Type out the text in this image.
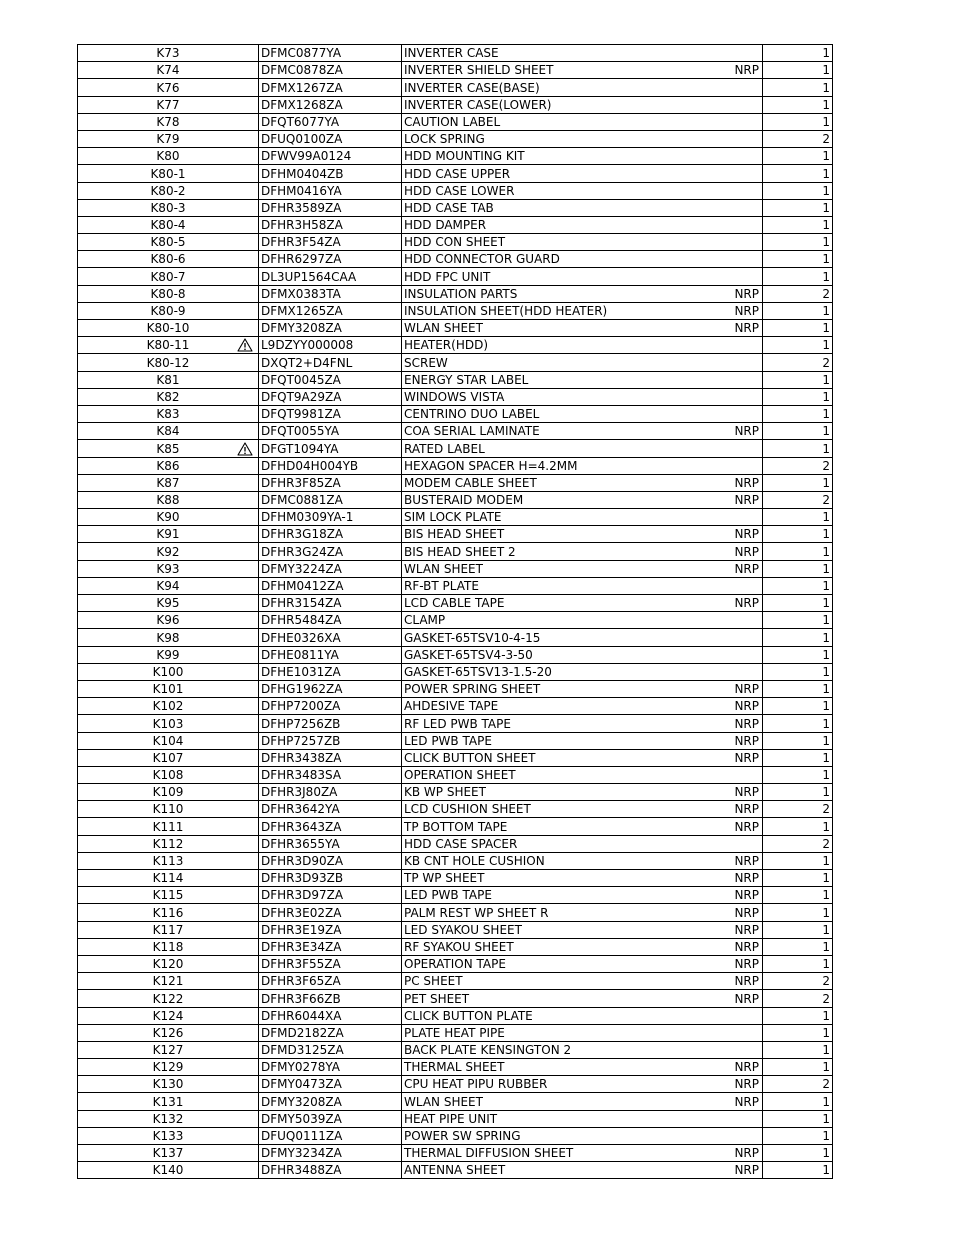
K73	DFMC0877YA	INVERTER CASE	1
K74	DFMC0878ZA	INVERTER SHIELD SHEET NRP	1
K76	DFMX1267ZA	INVERTER CASE(BASE)	1
K77	DFMX1268ZA	INVERTER CASE(LOWER)	1
K78	DFQT6077YA	CAUTION LABEL	1
K79	DFUQ0100ZA	LOCK SPRING	2
K80	DFWV99A0124	HDD MOUNTING KIT	1
K80-1	DFHM0404ZB	HDD CASE UPPER	1
K80-2	DFHM0416YA	HDD CASE LOWER	1
K80-3	DFHR3589ZA	HDD CASE TAB	1
K80-4	DFHR3H58ZA	HDD DAMPER	1
K80-5	DFHR3F54ZA	HDD CON SHEET	1
K80-6	DFHR6297ZA	HDD CONNECTOR GUARD	1
K80-7	DL3UP1564CAA	HDD FPC UNIT	1
K80-8	DFMX0383TA	INSULATION PARTS NRP	2
K80-9	DFMX1265ZA	INSULATION SHEET(HDD HEATER) NRP	1
K80-10	DFMY3208ZA	WLAN SHEET NRP	1
K80-11	L9DZYY000008	HEATER(HDD)	1
K80-12	DXQT2+D4FNL	SCREW	2
K81	DFQT0045ZA	ENERGY STAR LABEL	1
K82	DFQT9A29ZA	WINDOWS VISTA	1
K83	DFQT9981ZA	CENTRINO DUO LABEL	1
K84	DFQT0055YA	COA SERIAL LAMINATE NRP	1
K85	DFGT1094YA	RATED LABEL	1
K86	DFHD04H004YB	HEXAGON SPACER H=4.2MM	2
K87	DFHR3F85ZA	MODEM CABLE SHEET NRP	1
K88	DFMC0881ZA	BUSTERAID MODEM NRP	2
K90	DFHM0309YA-1	SIM LOCK PLATE	1
K91	DFHR3G18ZA	BIS HEAD SHEET NRP	1
K92	DFHR3G24ZA	BIS HEAD SHEET 2 NRP	1
K93	DFMY3224ZA	WLAN SHEET NRP	1
K94	DFHM0412ZA	RF-BT PLATE	1
K95	DFHR3154ZA	LCD CABLE TAPE NRP	1
K96	DFHR5484ZA	CLAMP	1
K98	DFHE0326XA	GASKET-65TSV10-4-15	1
K99	DFHE0811YA	GASKET-65TSV4-3-50	1
K100	DFHE1031ZA	GASKET-65TSV13-1.5-20	1
K101	DFHG1962ZA	POWER SPRING SHEET NRP	1
K102	DFHP7200ZA	AHDESIVE TAPE NRP	1
K103	DFHP7256ZB	RF LED PWB TAPE NRP	1
K104	DFHP7257ZB	LED PWB TAPE NRP	1
K107	DFHR3438ZA	CLICK BUTTON SHEET NRP	1
K108	DFHR3483SA	OPERATION SHEET	1
K109	DFHR3J80ZA	KB WP SHEET NRP	1
K110	DFHR3642YA	LCD CUSHION SHEET NRP	2
K111	DFHR3643ZA	TP BOTTOM TAPE NRP	1
K112	DFHR3655YA	HDD CASE SPACER	2
K113	DFHR3D90ZA	KB CNT HOLE CUSHION NRP	1
K114	DFHR3D93ZB	TP WP SHEET NRP	1
K115	DFHR3D97ZA	LED PWB TAPE NRP	1
K116	DFHR3E02ZA	PALM REST WP SHEET R NRP	1
K117	DFHR3E19ZA	LED SYAKOU SHEET NRP	1
K118	DFHR3E34ZA	RF SYAKOU SHEET NRP	1
K120	DFHR3F55ZA	OPERATION TAPE NRP	1
K121	DFHR3F65ZA	PC SHEET NRP	2
K122	DFHR3F66ZB	PET SHEET NRP	2
K124	DFHR6044XA	CLICK BUTTON PLATE	1
K126	DFMD2182ZA	PLATE HEAT PIPE	1
K127	DFMD3125ZA	BACK PLATE KENSINGTON 2	1
K129	DFMY0278YA	THERMAL SHEET NRP	1
K130	DFMY0473ZA	CPU HEAT PIPU RUBBER NRP	2
K131	DFMY3208ZA	WLAN SHEET NRP	1
K132	DFMY5039ZA	HEAT PIPE UNIT	1
K133	DFUQ0111ZA	POWER SW SPRING	1
K137	DFMY3234ZA	THERMAL DIFFUSION SHEET NRP	1
K140	DFHR3488ZA	ANTENNA SHEET NRP	1
